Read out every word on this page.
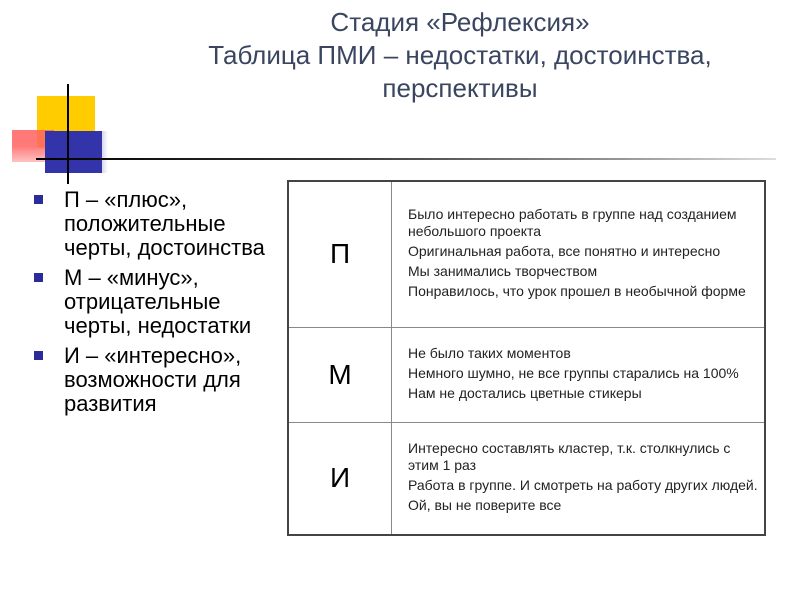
Стадия «Рефлексия»
Таблица ПМИ – недостатки, достоинства,
перспективы
П – «плюс», положительные черты, достоинства
М – «минус», отрицательные черты, недостатки
И – «интересно», возможности для развития
П	Было интересно работать в группе над созданием небольшого проекта
Оригинальная работа, все понятно и интересно
Мы занимались творчеством
Понравилось, что урок прошел в необычной форме

М	Не было таких моментов
Немного шумно, не все группы старались на 100%
Нам не достались цветные стикеры

И	Интересно составлять кластер, т.к. столкнулись с этим 1 раз
Работа в группе. И смотреть на работу других людей.
Ой, вы не поверите все
